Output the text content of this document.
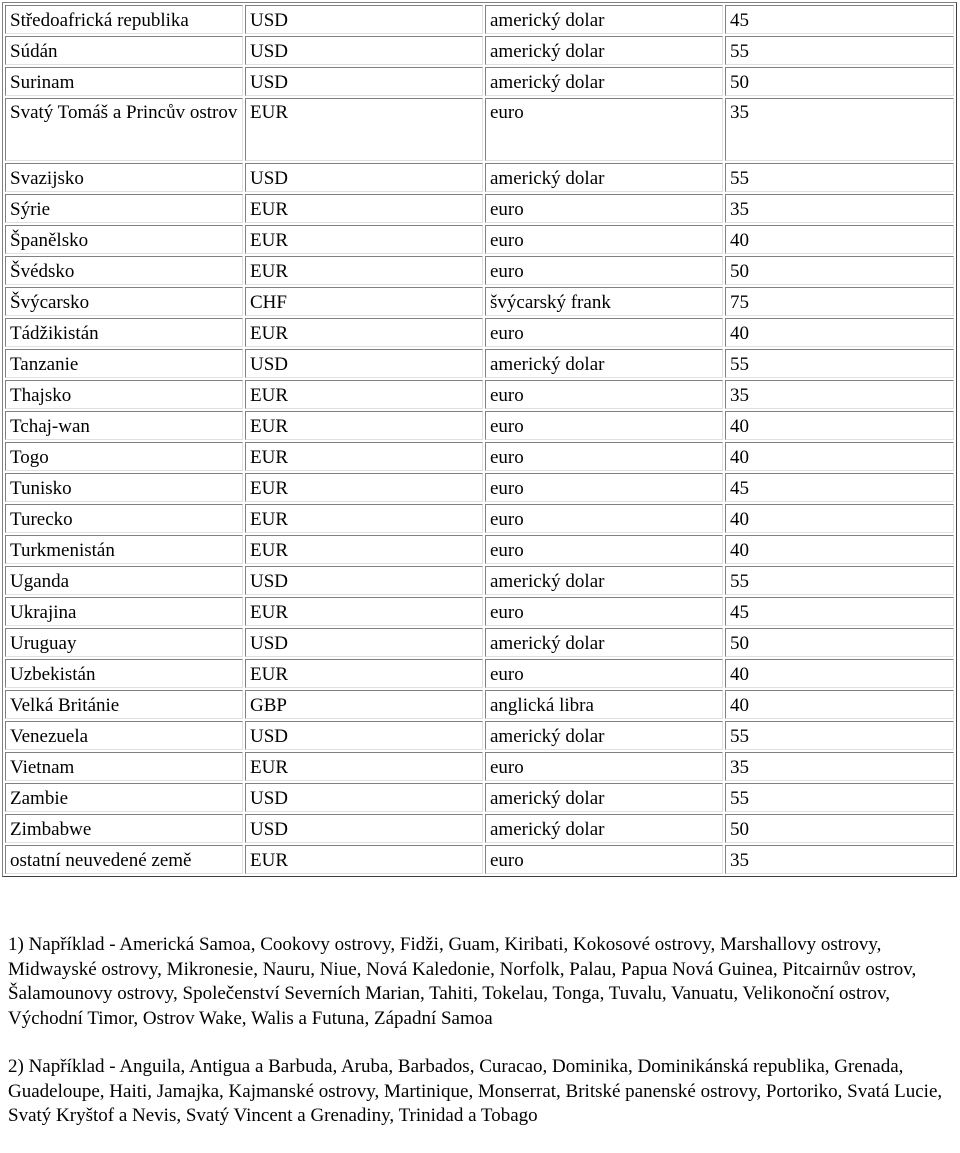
Středoafrická republika	USD	americký dolar	45
Súdán	USD	americký dolar	55
Surinam	USD	americký dolar	50
Svatý Tomáš a Princův ostrov	EUR	euro	35
Svazijsko	USD	americký dolar	55
Sýrie	EUR	euro	35
Španělsko	EUR	euro	40
Švédsko	EUR	euro	50
Švýcarsko	CHF	švýcarský frank	75
Tádžikistán	EUR	euro	40
Tanzanie	USD	americký dolar	55
Thajsko	EUR	euro	35
Tchaj-wan	EUR	euro	40
Togo	EUR	euro	40
Tunisko	EUR	euro	45
Turecko	EUR	euro	40
Turkmenistán	EUR	euro	40
Uganda	USD	americký dolar	55
Ukrajina	EUR	euro	45
Uruguay	USD	americký dolar	50
Uzbekistán	EUR	euro	40
Velká Británie	GBP	anglická libra	40
Venezuela	USD	americký dolar	55
Vietnam	EUR	euro	35
Zambie	USD	americký dolar	55
Zimbabwe	USD	americký dolar	50
ostatní neuvedené země	EUR	euro	35

1) Například - Americká Samoa, Cookovy ostrovy, Fidži, Guam, Kiribati, Kokosové ostrovy, Marshallovy ostrovy, Midwayské ostrovy, Mikronesie, Nauru, Niue, Nová Kaledonie, Norfolk, Palau, Papua Nová Guinea, Pitcairnův ostrov, Šalamounovy ostrovy, Společenství Severních Marian, Tahiti, Tokelau, Tonga, Tuvalu, Vanuatu, Velikonoční ostrov, Východní Timor, Ostrov Wake, Walis a Futuna, Západní Samoa

2) Například - Anguila, Antigua a Barbuda, Aruba, Barbados, Curacao, Dominika, Dominikánská republika, Grenada, Guadeloupe, Haiti, Jamajka, Kajmanské ostrovy, Martinique, Monserrat, Britské panenské ostrovy, Portoriko, Svatá Lucie, Svatý Kryštof a Nevis, Svatý Vincent a Grenadiny, Trinidad a Tobago
